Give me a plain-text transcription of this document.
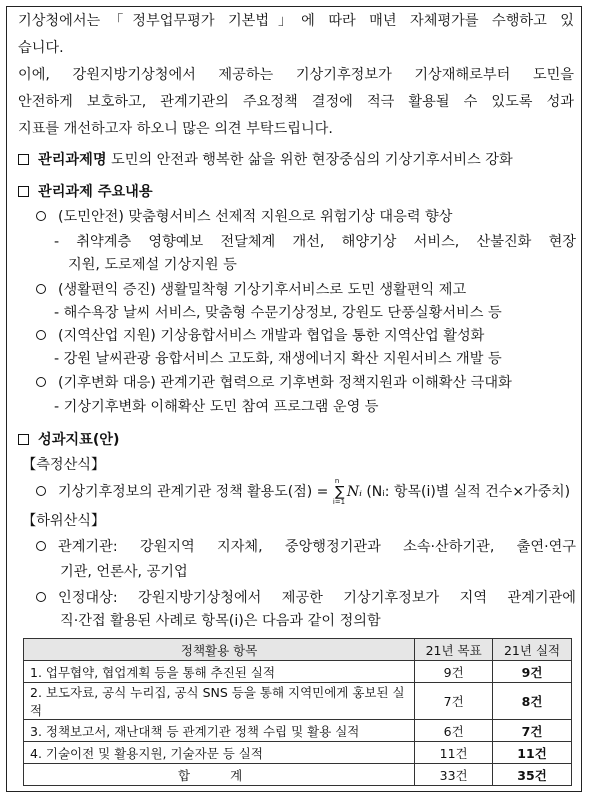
기상청에서는「정부업무평가 기본법」에 따라 매년 자체평가를 수행하고 있
습니다.
이에, 강원지방기상청에서 제공하는 기상기후정보가 기상재해로부터 도민을
안전하게 보호하고, 관계기관의 주요정책 결정에 적극 활용될 수 있도록 성과
지표를 개선하고자 하오니 많은 의견 부탁드립니다.
관리과제명 도민의 안전과 행복한 삶을 위한 현장중심의 기상기후서비스 강화
관리과제 주요내용
(도민안전) 맞춤형서비스 선제적 지원으로 위험기상 대응력 향상
- 취약계층 영향예보 전달체계 개선, 해양기상 서비스, 산불진화 현장
지원, 도로제설 기상지원 등
(생활편익 증진) 생활밀착형 기상기후서비스로 도민 생활편익 제고
- 해수욕장 날씨 서비스, 맞춤형 수문기상정보, 강원도 단풍실황서비스 등
(지역산업 지원) 기상융합서비스 개발과 협업을 통한 지역산업 활성화
- 강원 날씨관광 융합서비스 고도화, 재생에너지 확산 지원서비스 개발 등
(기후변화 대응) 관계기관 협력으로 기후변화 정책지원과 이해확산 극대화
- 기상기후변화 이해확산 도민 참여 프로그램 운영 등
성과지표(안)
【측정산식】
기상기후정보의 관계기관 정책 활용도(점) =
n
∑
i=1
Nᵢ (Nᵢ: 항목(i)별 실적 건수×가중치)
【하위산식】
관계기관: 강원지역 지자체, 중앙행정기관과 소속·산하기관, 출연·연구
기관, 언론사, 공기업
인정대상: 강원지방기상청에서 제공한 기상기후정보가 지역 관계기관에
직·간접 활용된 사례로 항목(i)은 다음과 같이 정의함
정책활용 항목	21년 목표	21년 실적
1. 업무협약, 협업계획 등을 통해 추진된 실적	9건	9건
2. 보도자료, 공식 누리집, 공식 SNS 등을 통해 지역민에게 홍보된 실적	7건	8건
3. 정책보고서, 재난대책 등 관계기관 정책 수립 및 활용 실적	6건	7건
4. 기술이전 및 활용지원, 기술자문 등 실적	11건	11건
합 계	33건	35건
